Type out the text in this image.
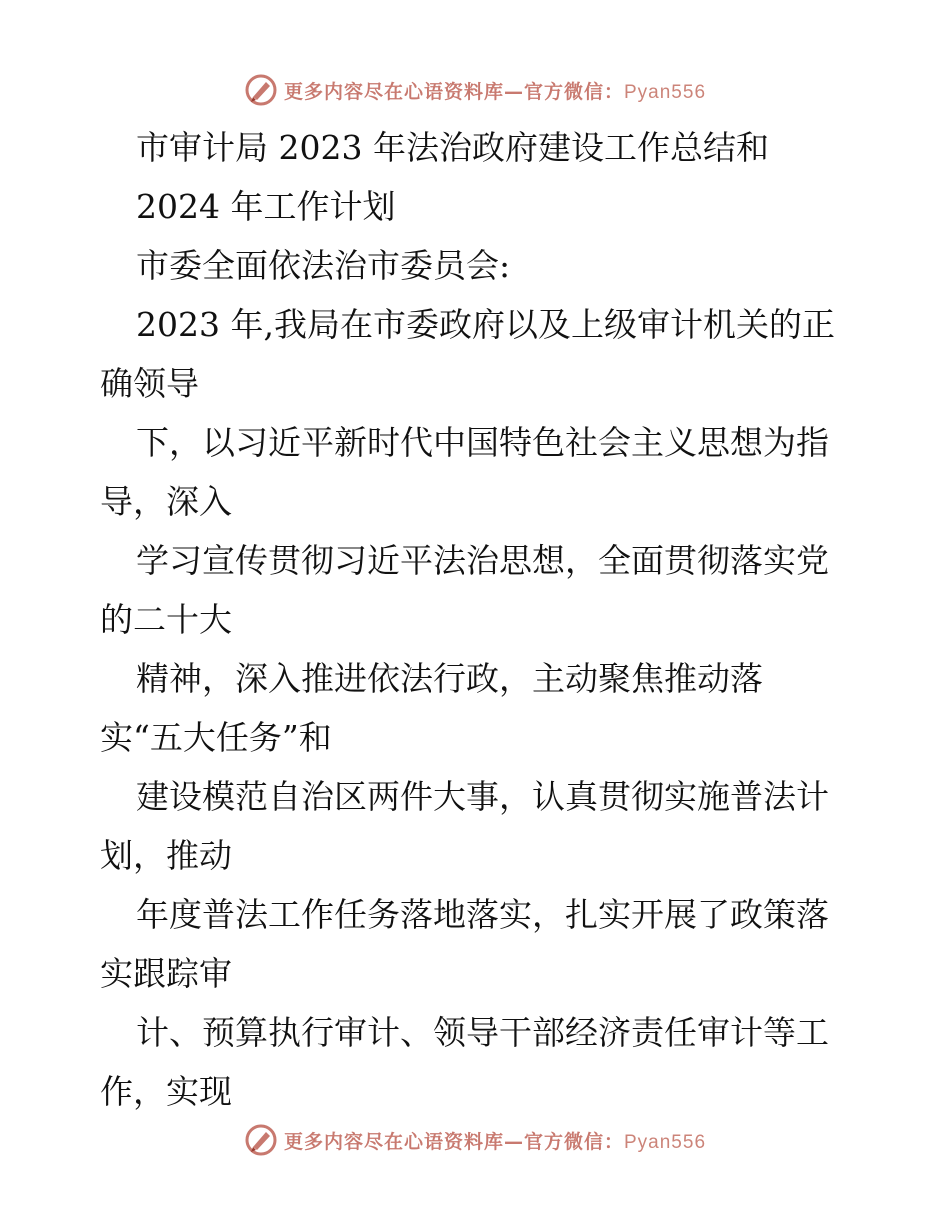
更多内容尽在心语资料库—官方微信：Pyan556
市审计局 2023 年法治政府建设工作总结和
2024 年工作计划
市委全面依法治市委员会:
2023 年,我局在市委政府以及上级审计机关的正
确领导
下，以习近平新时代中国特色社会主义思想为指
导，深入
学习宣传贯彻习近平法治思想，全面贯彻落实党
的二十大
精神，深入推进依法行政，主动聚焦推动落
实“五大任务”和
建设模范自治区两件大事，认真贯彻实施普法计
划，推动
年度普法工作任务落地落实，扎实开展了政策落
实跟踪审
计、预算执行审计、领导干部经济责任审计等工
作，实现
更多内容尽在心语资料库—官方微信：Pyan556
